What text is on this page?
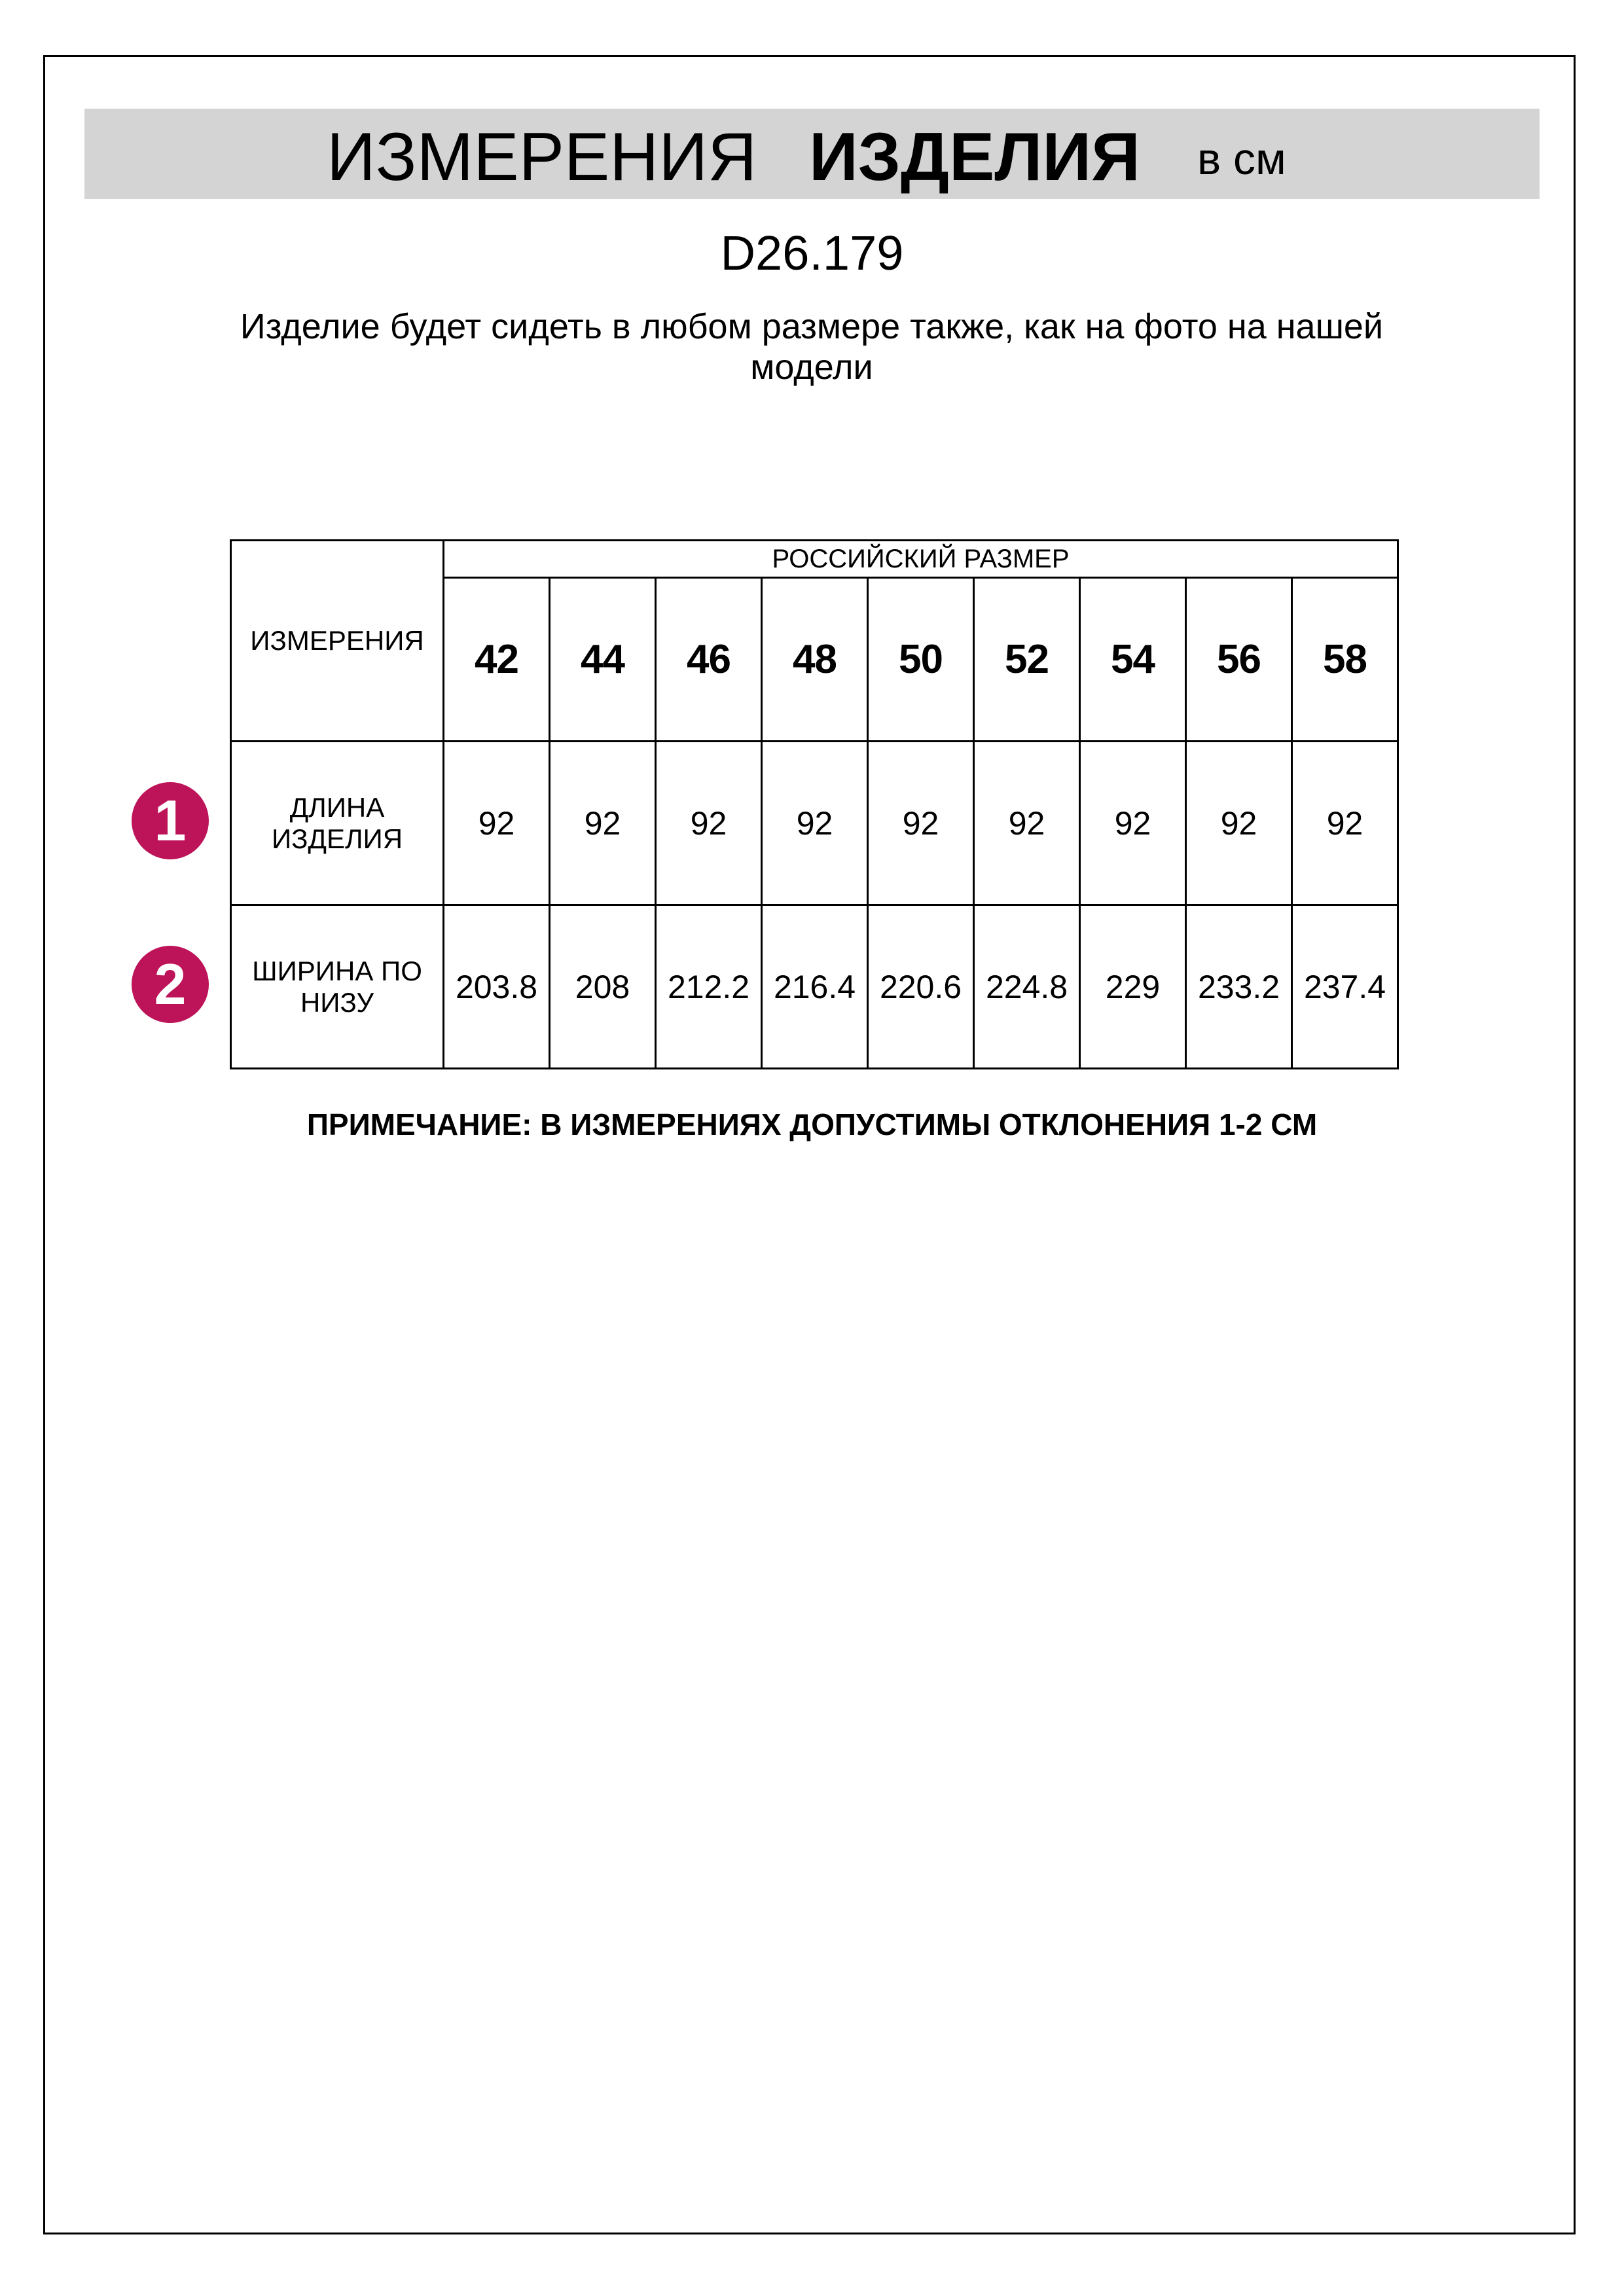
ИЗМЕРЕНИЯ ИЗДЕЛИЯ в см
D26.179
Изделие будет сидеть в любом размере также, как на фото на нашей модели
ИЗМЕРЕНИЯ	РОССИЙСКИЙ РАЗМЕР								
	42	44	46	48	50	52	54	56	58
ДЛИНА ИЗДЕЛИЯ	92	92	92	92	92	92	92	92	92
ШИРИНА ПО НИЗУ	203.8	208	212.2	216.4	220.6	224.8	229	233.2	237.4
1
2
ПРИМЕЧАНИЕ: В ИЗМЕРЕНИЯХ ДОПУСТИМЫ ОТКЛОНЕНИЯ 1-2 СМ
